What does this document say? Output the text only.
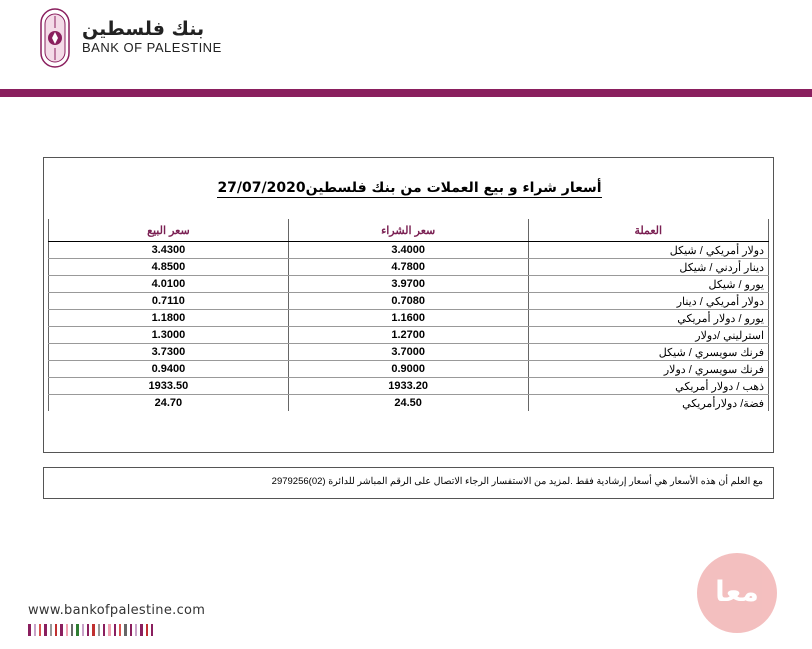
بنك فلسطين
BANK OF PALESTINE
أسعار شراء و بيع العملات من بنك فلسطين27/07/2020
العملة	سعر الشراء	سعر البيع
دولار أمريكي / شيكل	3.4000	3.4300
دينار أردني / شيكل	4.7800	4.8500
يورو / شيكل	3.9700	4.0100
دولار أمريكي / دينار	0.7080	0.7110
يورو / دولار أمريكي	1.1600	1.1800
استرليني /دولار	1.2700	1.3000
فرنك سويسري / شيكل	3.7000	3.7300
فرنك سويسري / دولار	0.9000	0.9400
ذهب / دولار أمريكي	1933.20	1933.50
فضة/ دولارأمريكي	24.50	24.70
مع العلم أن هذه الأسعار هي أسعار إرشادية فقط .لمزيد من الاستفسار الرجاء الاتصال على الرقم المباشر للدائرة (02)2979256
معا
www.bankofpalestine.com
